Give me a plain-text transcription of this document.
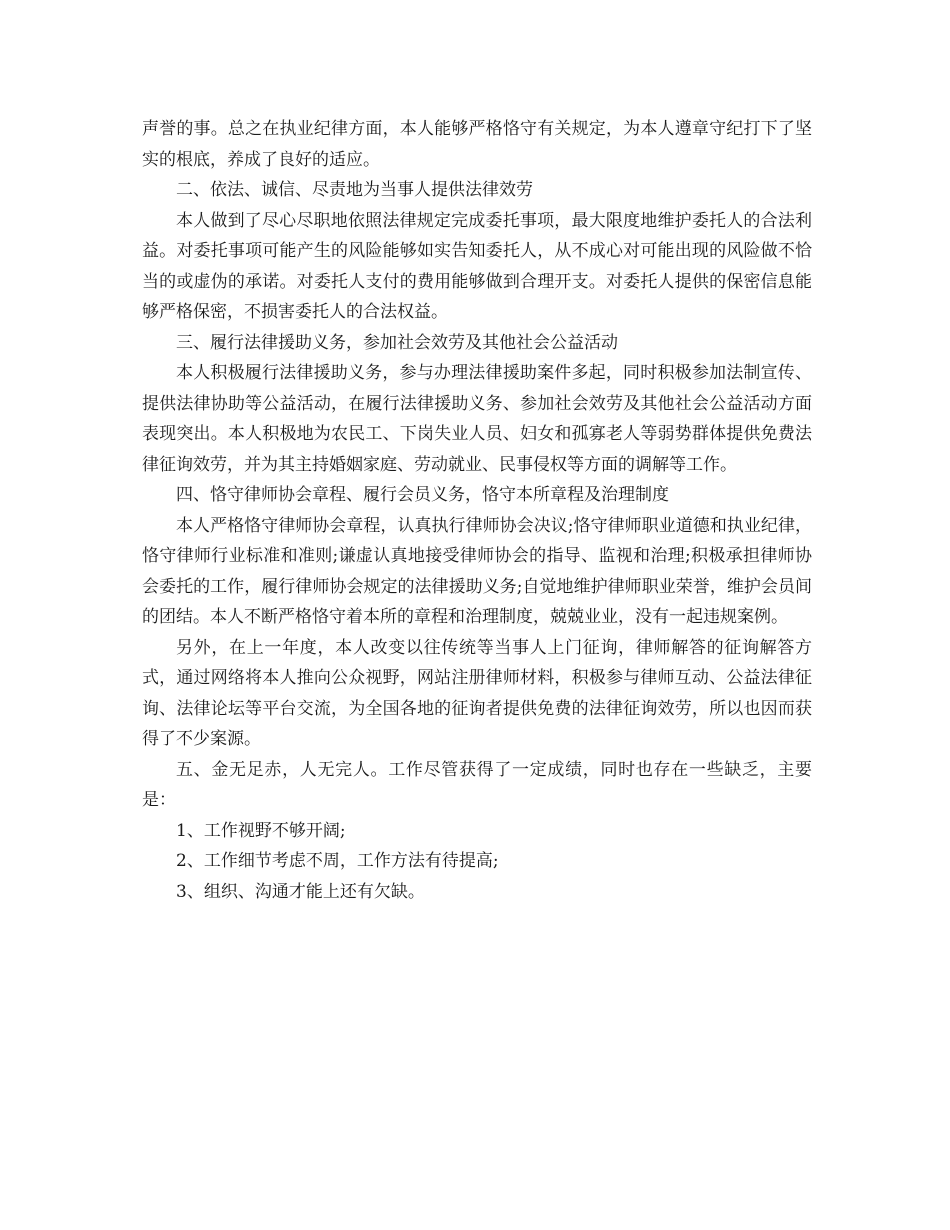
声誉的事。总之在执业纪律方面，本人能够严格恪守有关规定，为本人遵章守纪打下了坚实的根底，养成了良好的适应。

二、依法、诚信、尽责地为当事人提供法律效劳

本人做到了尽心尽职地依照法律规定完成委托事项，最大限度地维护委托人的合法利益。对委托事项可能产生的风险能够如实告知委托人，从不成心对可能出现的风险做不恰当的或虚伪的承诺。对委托人支付的费用能够做到合理开支。对委托人提供的保密信息能够严格保密，不损害委托人的合法权益。

三、履行法律援助义务，参加社会效劳及其他社会公益活动

本人积极履行法律援助义务，参与办理法律援助案件多起，同时积极参加法制宣传、提供法律协助等公益活动，在履行法律援助义务、参加社会效劳及其他社会公益活动方面表现突出。本人积极地为农民工、下岗失业人员、妇女和孤寡老人等弱势群体提供免费法律征询效劳，并为其主持婚姻家庭、劳动就业、民事侵权等方面的调解等工作。

四、恪守律师协会章程、履行会员义务，恪守本所章程及治理制度

本人严格恪守律师协会章程，认真执行律师协会决议;恪守律师职业道德和执业纪律，恪守律师行业标准和准则;谦虚认真地接受律师协会的指导、监视和治理;积极承担律师协会委托的工作，履行律师协会规定的法律援助义务;自觉地维护律师职业荣誉，维护会员间的团结。本人不断严格恪守着本所的章程和治理制度，兢兢业业，没有一起违规案例。

另外，在上一年度，本人改变以往传统等当事人上门征询，律师解答的征询解答方式，通过网络将本人推向公众视野，网站注册律师材料，积极参与律师互动、公益法律征询、法律论坛等平台交流，为全国各地的征询者提供免费的法律征询效劳，所以也因而获得了不少案源。

五、金无足赤，人无完人。工作尽管获得了一定成绩，同时也存在一些缺乏，主要是：

1、工作视野不够开阔;

2、工作细节考虑不周，工作方法有待提高;

3、组织、沟通才能上还有欠缺。
